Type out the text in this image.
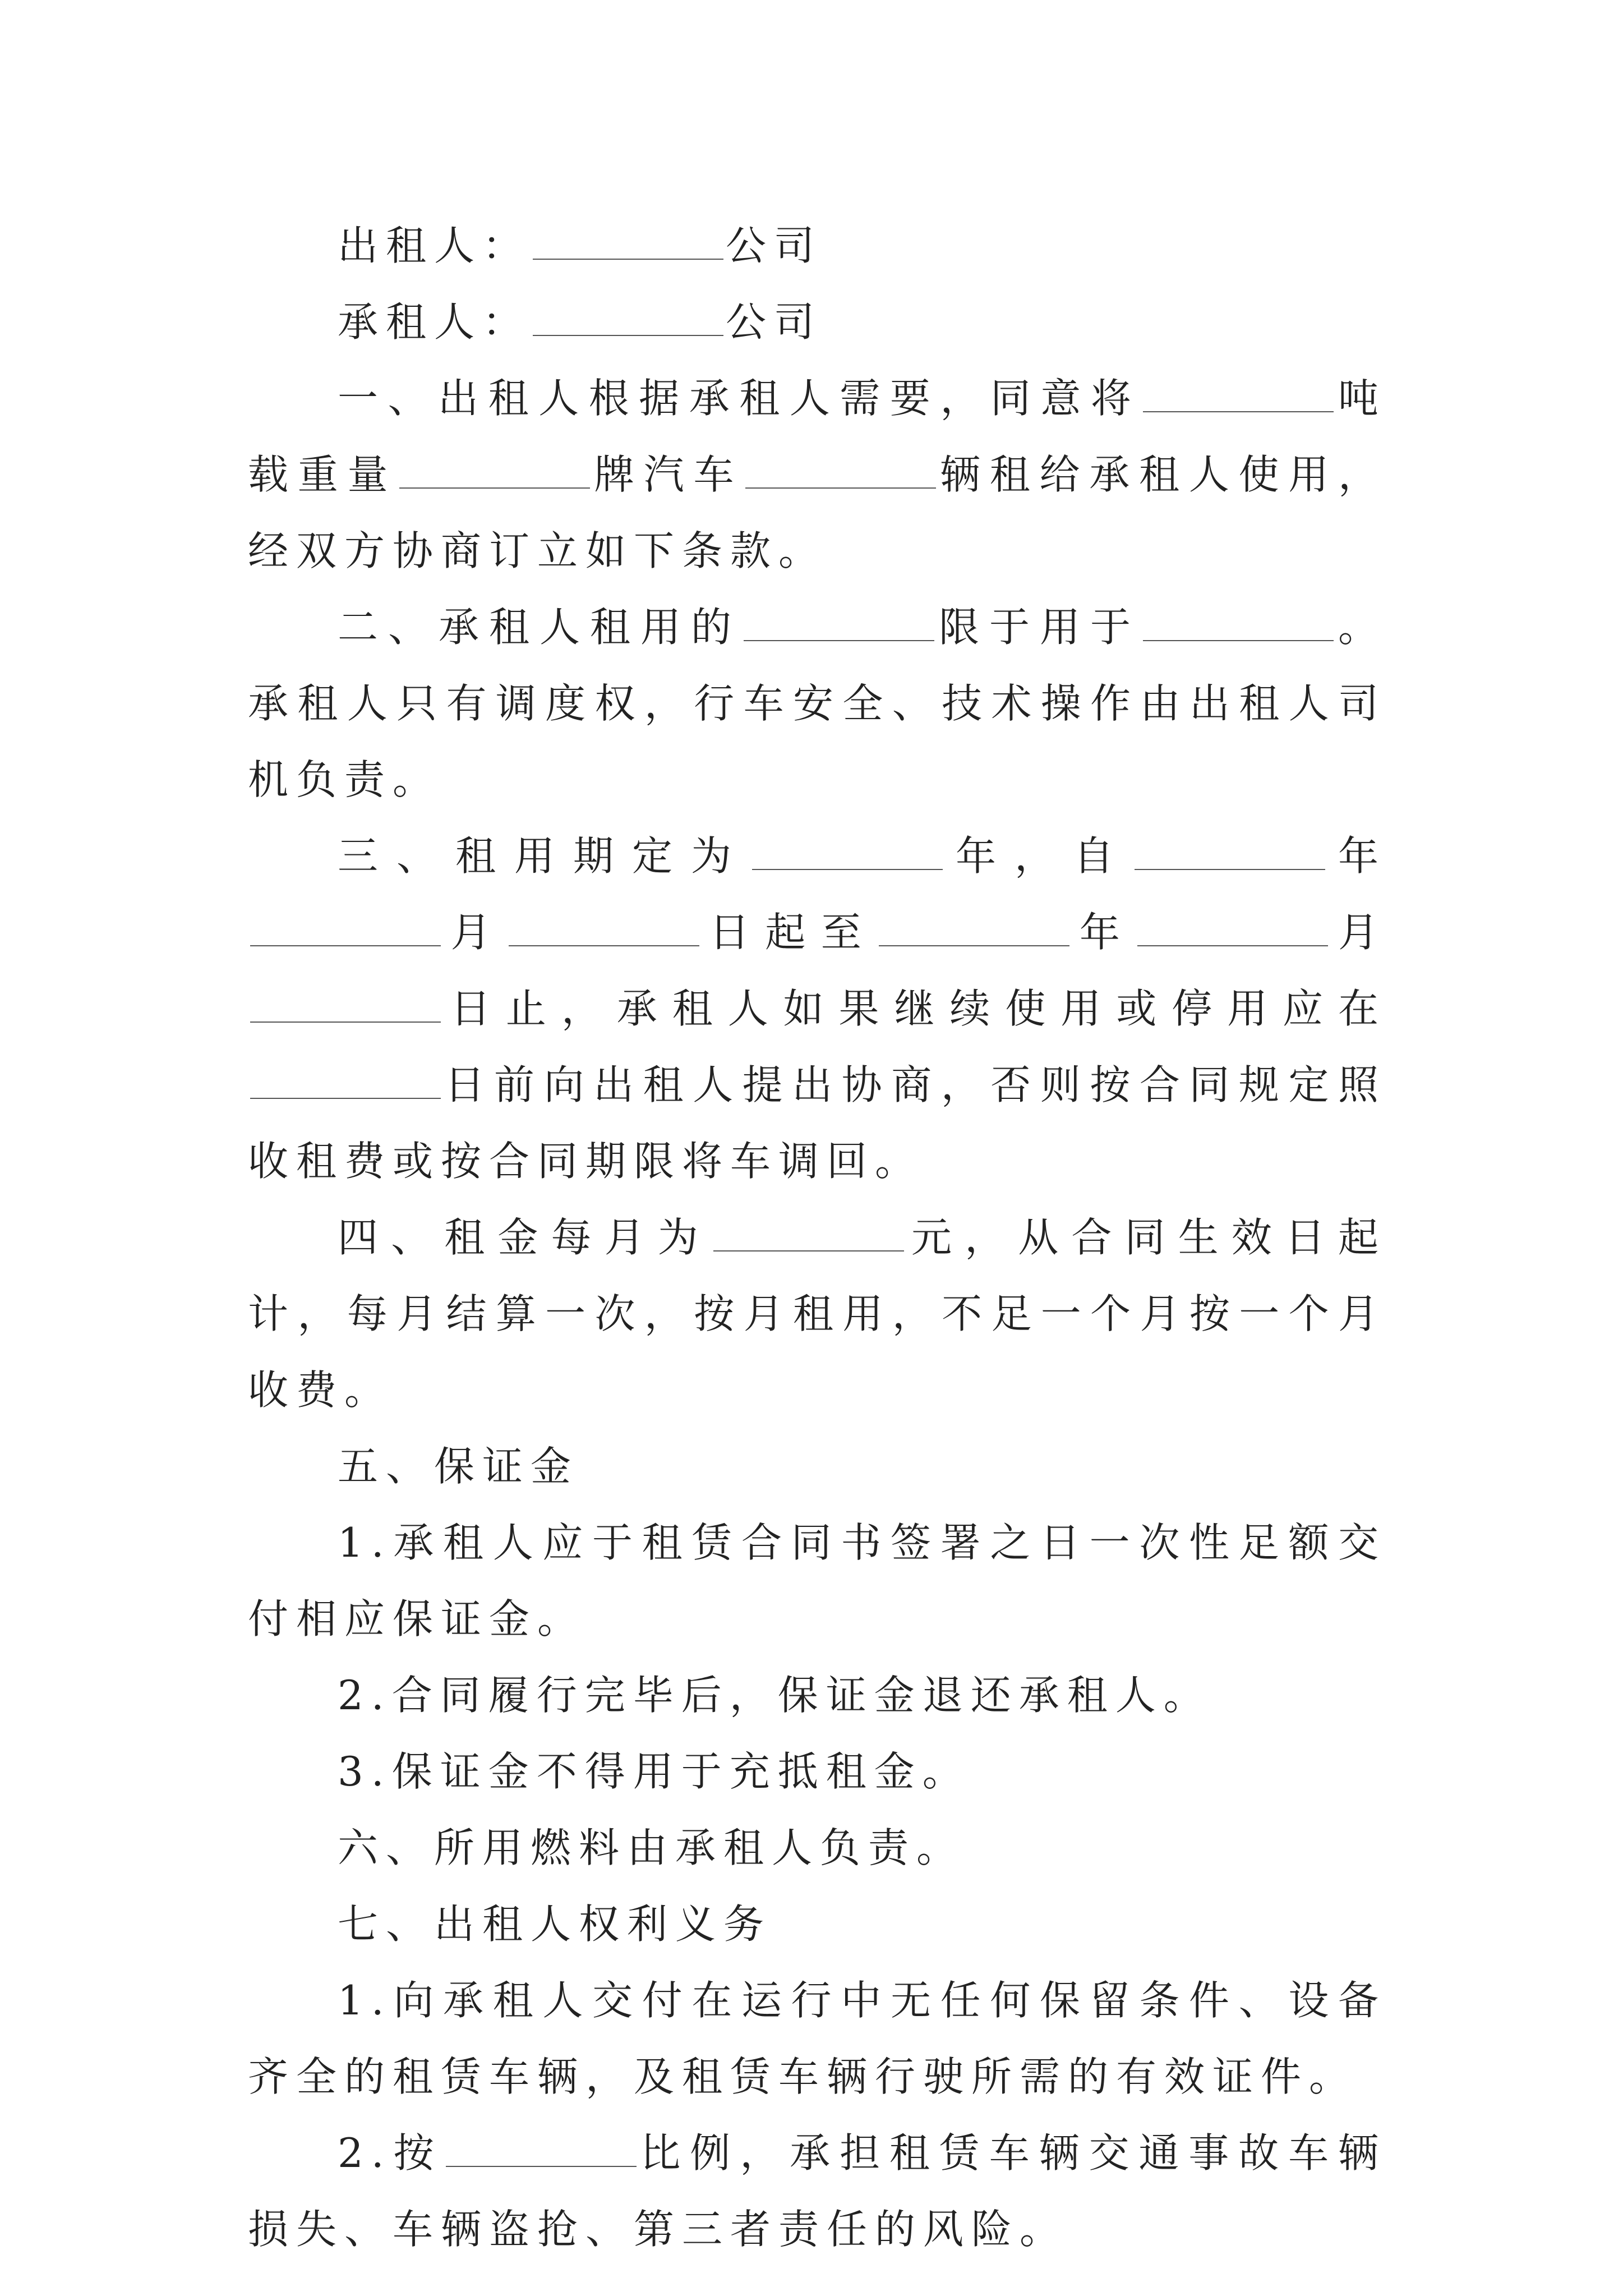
出租人：	公司

承租人：	公司

一、出租人根据承租人需要，同意将	吨载重量	牌汽车	辆租给承租人使用，经双方协商订立如下条款。

二、承租人租用的	限于用于	。承租人只有调度权，行车安全、技术操作由出租人司机负责。

三、租用期定为	年，自	年月	日起至	年	月日止，承租人如果继续使用或停用应在日前向出租人提出协商，否则按合同规定照收租费或按合同期限将车调回。

四、租金每月为	元，从合同生效日起计，每月结算一次，按月租用，不足一个月按一个月收费。

五、保证金

1.承租人应于租赁合同书签署之日一次性足额交付相应保证金。

2.合同履行完毕后，保证金退还承租人。

3.保证金不得用于充抵租金。

六、所用燃料由承租人负责。

七、出租人权利义务

1.向承租人交付在运行中无任何保留条件、设备齐全的租赁车辆，及租赁车辆行驶所需的有效证件。

2.按	比例，承担租赁车辆交通事故车辆损失、车辆盗抢、第三者责任的风险。
